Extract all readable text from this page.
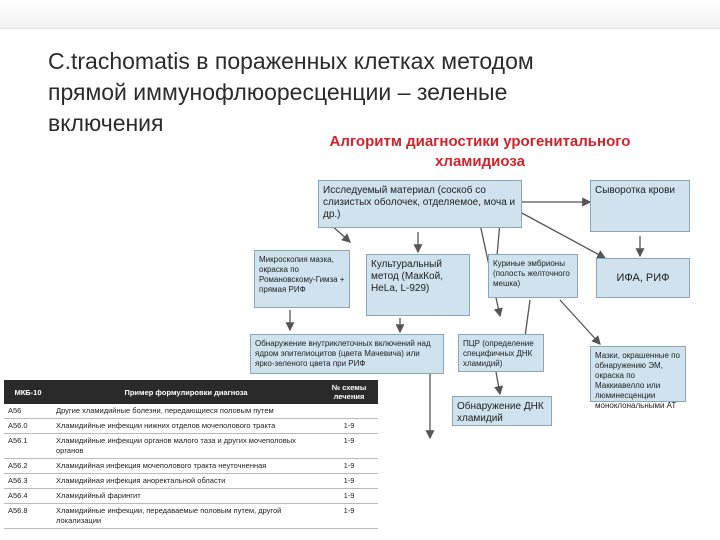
C.trachomatis в пораженных клетках методом
прямой иммунофлюоресценции – зеленые
включения
Алгоритм диагностики урогенитального
хламидиоза
Исследуемый материал (соскоб со слизистых оболочек, отделяемое, моча и др.)
Сыворотка крови
Микроскопия мазка, окраска по Романовскому-Гимза + прямая РИФ
Культуральный метод (МакКой, HeLa, L-929)
Куриные эмбрионы (полость желточного мешка)	ИФА, РИФ
Обнаружение внутриклеточных включений над ядром эпителиоцитов (цвета Мачевича) или ярко-зеленого цвета при РИФ
ПЦР (определение специфичных ДНК хламидий)
Мазки, окрашенные по обнаружению ЭМ, окраска по Маккиавелло или люминесценции моноклональными АТ
Обнаружение ДНК хламидий
МКБ-10	Пример формулировки диагноза	№ схемы лечения
А56	Другие хламидийные болезни, передающиеся половым путем	
А56.0	Хламидийные инфекции нижних отделов мочеполового тракта	1-9
А56.1	Хламидийные инфекции органов малого таза и других мочеполовых органов	1-9
А56.2	Хламидийная инфекция мочеполового тракта неуточненная	1-9
А56.3	Хламидийная инфекция аноректальной области	1-9
А56.4	Хламидийный фарингит	1-9
А56.8	Хламидийные инфекции, передаваемые половым путем, другой локализации	1-9
